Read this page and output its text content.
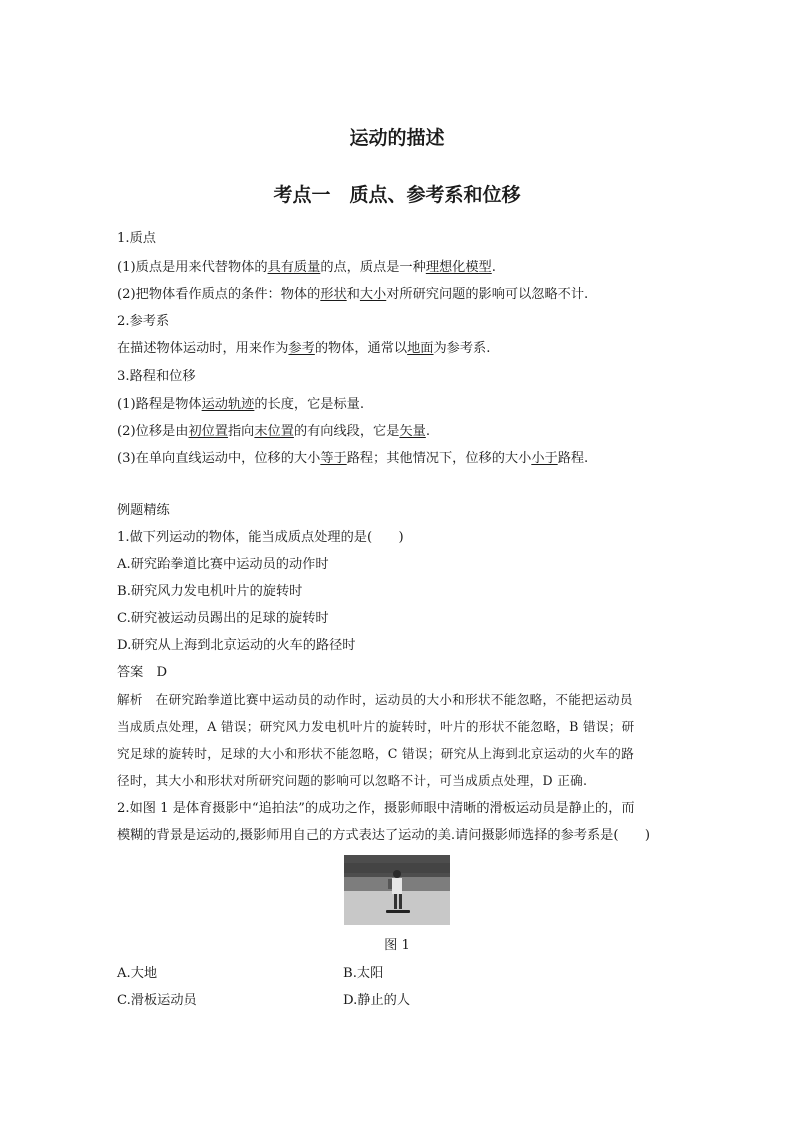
运动的描述
考点一　质点、参考系和位移
1.质点
(1)质点是用来代替物体的具有质量的点，质点是一种理想化模型.
(2)把物体看作质点的条件：物体的形状和大小对所研究问题的影响可以忽略不计.
2.参考系
在描述物体运动时，用来作为参考的物体，通常以地面为参考系.
3.路程和位移
(1)路程是物体运动轨迹的长度，它是标量.
(2)位移是由初位置指向末位置的有向线段，它是矢量.
(3)在单向直线运动中，位移的大小等于路程；其他情况下，位移的大小小于路程.
例题精练
1.做下列运动的物体，能当成质点处理的是(　　)
A.研究跆拳道比赛中运动员的动作时
B.研究风力发电机叶片的旋转时
C.研究被运动员踢出的足球的旋转时
D.研究从上海到北京运动的火车的路径时
答案　D
解析　在研究跆拳道比赛中运动员的动作时，运动员的大小和形状不能忽略，不能把运动员
当成质点处理，A 错误；研究风力发电机叶片的旋转时，叶片的形状不能忽略，B 错误；研
究足球的旋转时，足球的大小和形状不能忽略，C 错误；研究从上海到北京运动的火车的路
径时，其大小和形状对所研究问题的影响可以忽略不计，可当成质点处理，D 正确.
2.如图 1 是体育摄影中“追拍法”的成功之作，摄影师眼中清晰的滑板运动员是静止的，而
模糊的背景是运动的,摄影师用自己的方式表达了运动的美.请问摄影师选择的参考系是(　　)
图 1
A.大地	B.太阳
C.滑板运动员	D.静止的人
